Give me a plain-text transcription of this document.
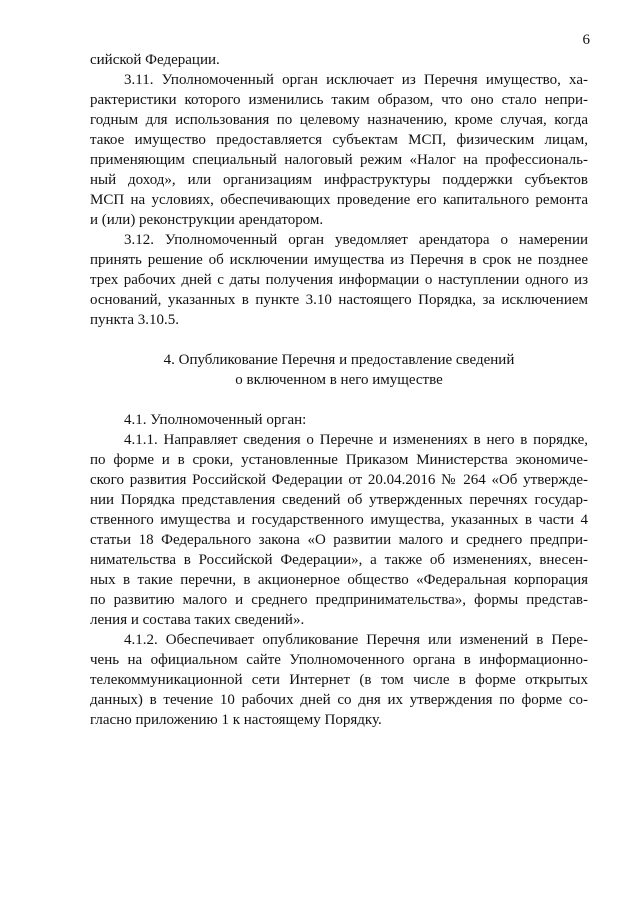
6
сийской Федерации.
3.11. Уполномоченный орган исключает из Перечня имущество, ха-
рактеристики которого изменились таким образом, что оно стало непри-
годным для использования по целевому назначению, кроме случая, когда
такое имущество предоставляется субъектам МСП, физическим лицам,
применяющим специальный налоговый режим «Налог на профессиональ-
ный доход», или организациям инфраструктуры поддержки субъектов
МСП на условиях, обеспечивающих проведение его капитального ремонта
и (или) реконструкции арендатором.
3.12. Уполномоченный орган уведомляет арендатора о намерении
принять решение об исключении имущества из Перечня в срок не позднее
трех рабочих дней с даты получения информации о наступлении одного из
оснований, указанных в пункте 3.10 настоящего Порядка, за исключением
пункта 3.10.5.
4. Опубликование Перечня и предоставление сведений
о включенном в него имуществе
4.1. Уполномоченный орган:
4.1.1. Направляет сведения о Перечне и изменениях в него в порядке,
по форме и в сроки, установленные Приказом Министерства экономиче-
ского развития Российской Федерации от 20.04.2016 № 264 «Об утвержде-
нии Порядка представления сведений об утвержденных перечнях государ-
ственного имущества и государственного имущества, указанных в части 4
статьи 18 Федерального закона «О развитии малого и среднего предпри-
нимательства в Российской Федерации», а также об изменениях, внесен-
ных в такие перечни, в акционерное общество «Федеральная корпорация
по развитию малого и среднего предпринимательства», формы представ-
ления и состава таких сведений».
4.1.2. Обеспечивает опубликование Перечня или изменений в Пере-
чень на официальном сайте Уполномоченного органа в информационно-
телекоммуникационной сети Интернет (в том числе в форме открытых
данных) в течение 10 рабочих дней со дня их утверждения по форме со-
гласно приложению 1 к настоящему Порядку.
